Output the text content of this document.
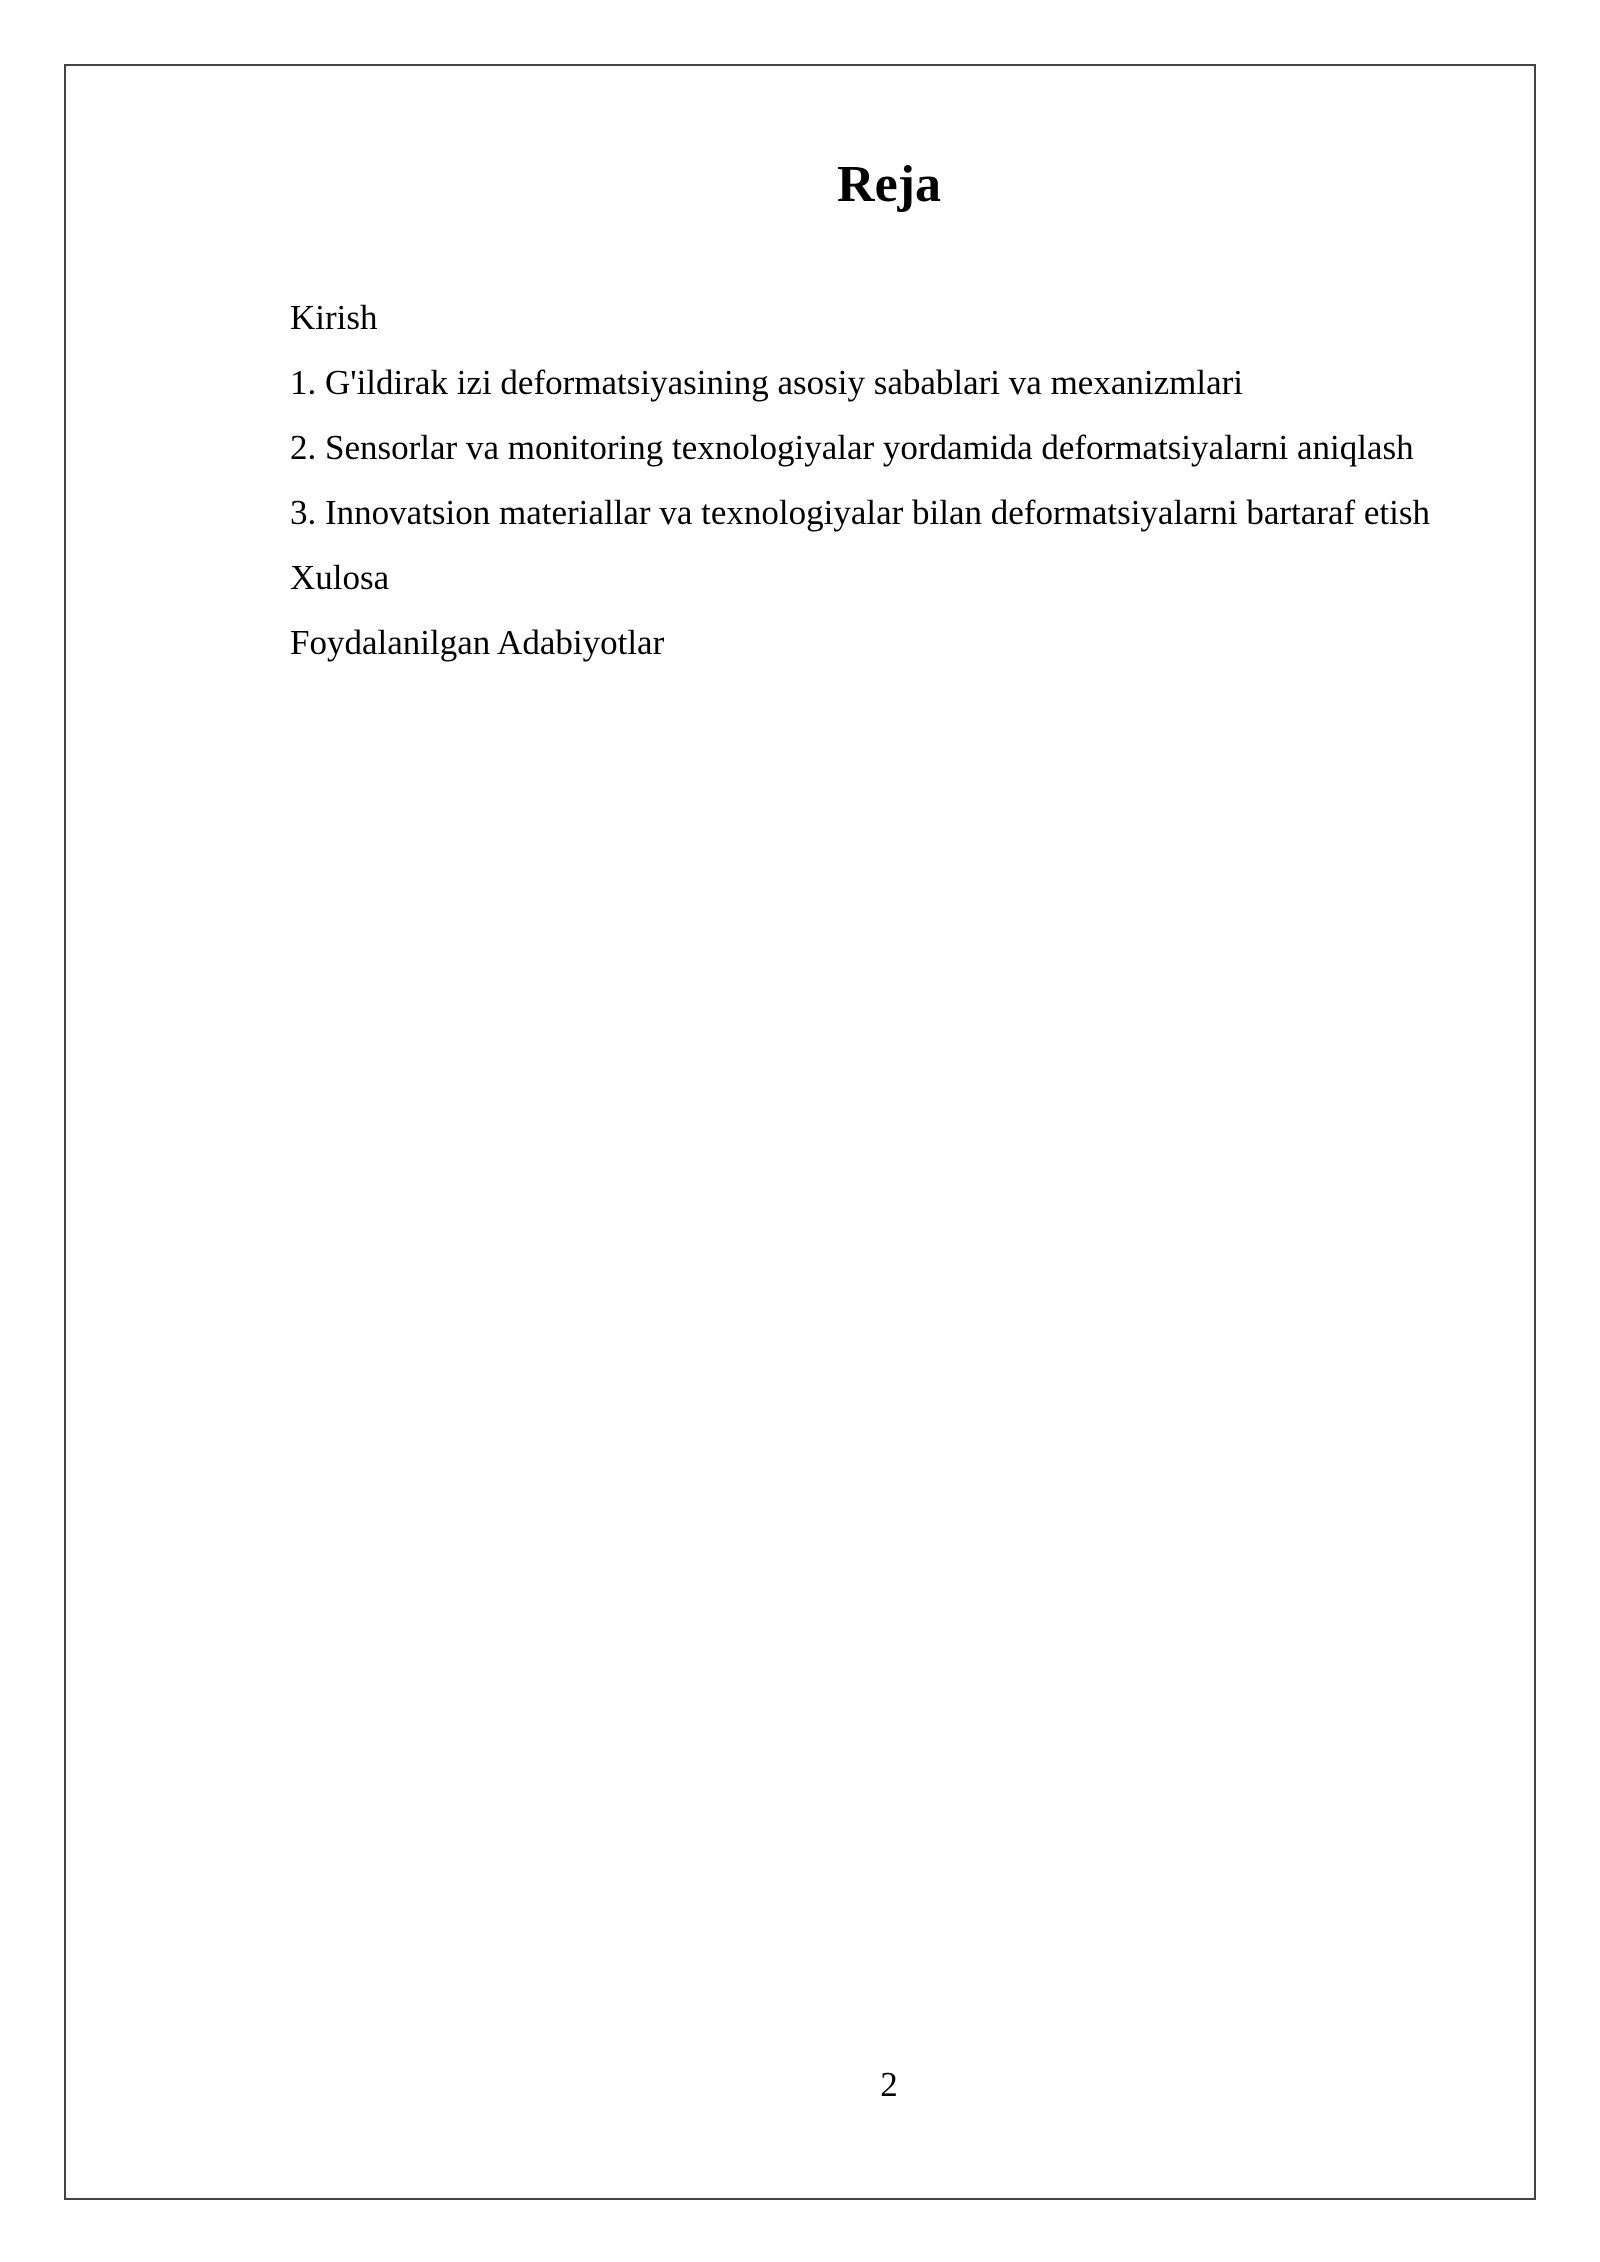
Reja

Kirish

1. G'ildirak izi deformatsiyasining asosiy sabablari va mexanizmlari

2. Sensorlar va monitoring texnologiyalar yordamida deformatsiyalarni aniqlash

3. Innovatsion materiallar va texnologiyalar bilan deformatsiyalarni bartaraf etish

Xulosa

Foydalanilgan Adabiyotlar

2
